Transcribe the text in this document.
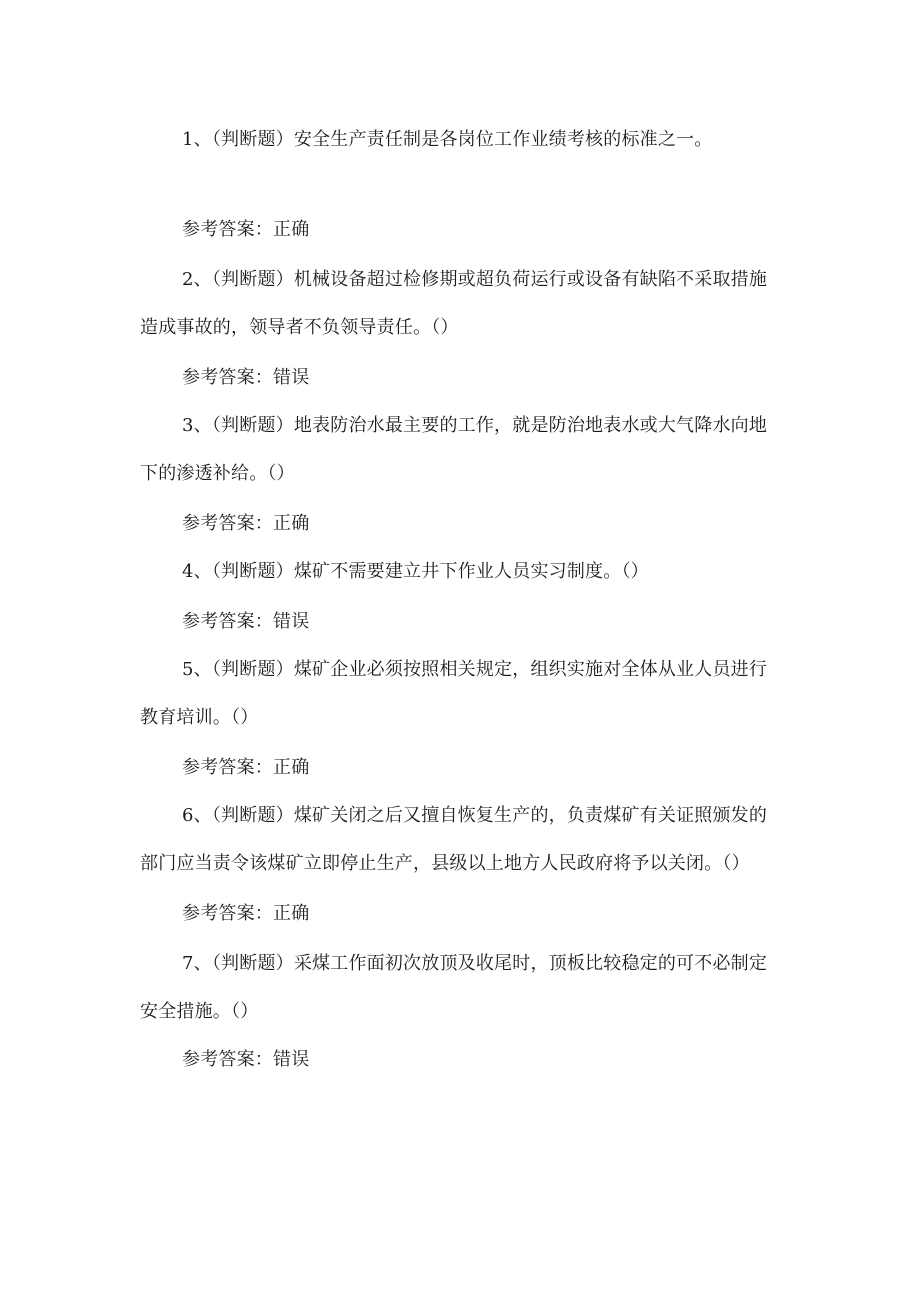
1、（判断题）安全生产责任制是各岗位工作业绩考核的标准之一。
参考答案：正确
2、（判断题）机械设备超过检修期或超负荷运行或设备有缺陷不采取措施
造成事故的，领导者不负领导责任。（）
参考答案：错误
3、（判断题）地表防治水最主要的工作，就是防治地表水或大气降水向地
下的渗透补给。（）
参考答案：正确
4、（判断题）煤矿不需要建立井下作业人员实习制度。（）
参考答案：错误
5、（判断题）煤矿企业必须按照相关规定，组织实施对全体从业人员进行
教育培训。（）
参考答案：正确
6、（判断题）煤矿关闭之后又擅自恢复生产的，负责煤矿有关证照颁发的
部门应当责令该煤矿立即停止生产，县级以上地方人民政府将予以关闭。（）
参考答案：正确
7、（判断题）采煤工作面初次放顶及收尾时，顶板比较稳定的可不必制定
安全措施。（）
参考答案：错误
